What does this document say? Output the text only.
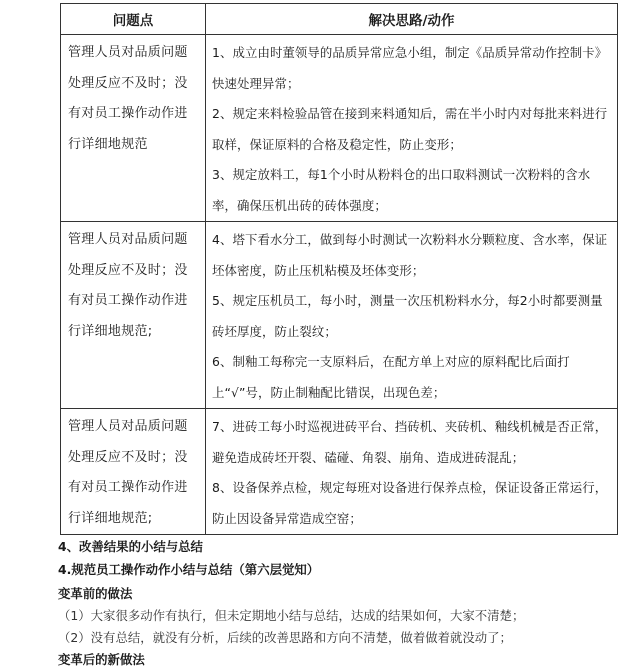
问题点	解决思路/动作
管理人员对品质问题处理反应不及时；没有对员工操作动作进行详细地规范	1、成立由时董领导的品质异常应急小组，制定《品质异常动作控制卡》快速处理异常；
2、规定来料检验品管在接到来料通知后，需在半小时内对每批来料进行取样，保证原料的合格及稳定性，防止变形；
3、规定放料工，每1个小时从粉料仓的出口取料测试一次粉料的含水率，确保压机出砖的砖体强度；

管理人员对品质问题处理反应不及时；没有对员工操作动作进行详细地规范;	4、塔下看水分工，做到每小时测试一次粉料水分颗粒度、含水率，保证坯体密度，防止压机粘模及坯体变形；
5、规定压机员工，每小时，测量一次压机粉料水分，每2小时都要测量砖坯厚度，防止裂纹；
6、制釉工每称完一支原料后，在配方单上对应的原料配比后面打上“√”号，防止制釉配比错误，出现色差；

管理人员对品质问题处理反应不及时；没有对员工操作动作进行详细地规范;	7、进砖工每小时巡视进砖平台、挡砖机、夹砖机、釉线机械是否正常，避免造成砖坯开裂、磕碰、角裂、崩角、造成进砖混乱；
8、设备保养点检，规定每班对设备进行保养点检，保证设备正常运行，防止因设备异常造成空窑；
4、改善结果的小结与总结
4.规范员工操作动作小结与总结（第六层觉知）
变革前的做法
（1）大家很多动作有执行，但未定期地小结与总结，达成的结果如何，大家不清楚；
（2）没有总结，就没有分析，后续的改善思路和方向不清楚，做着做着就没动了；
变革后的新做法
